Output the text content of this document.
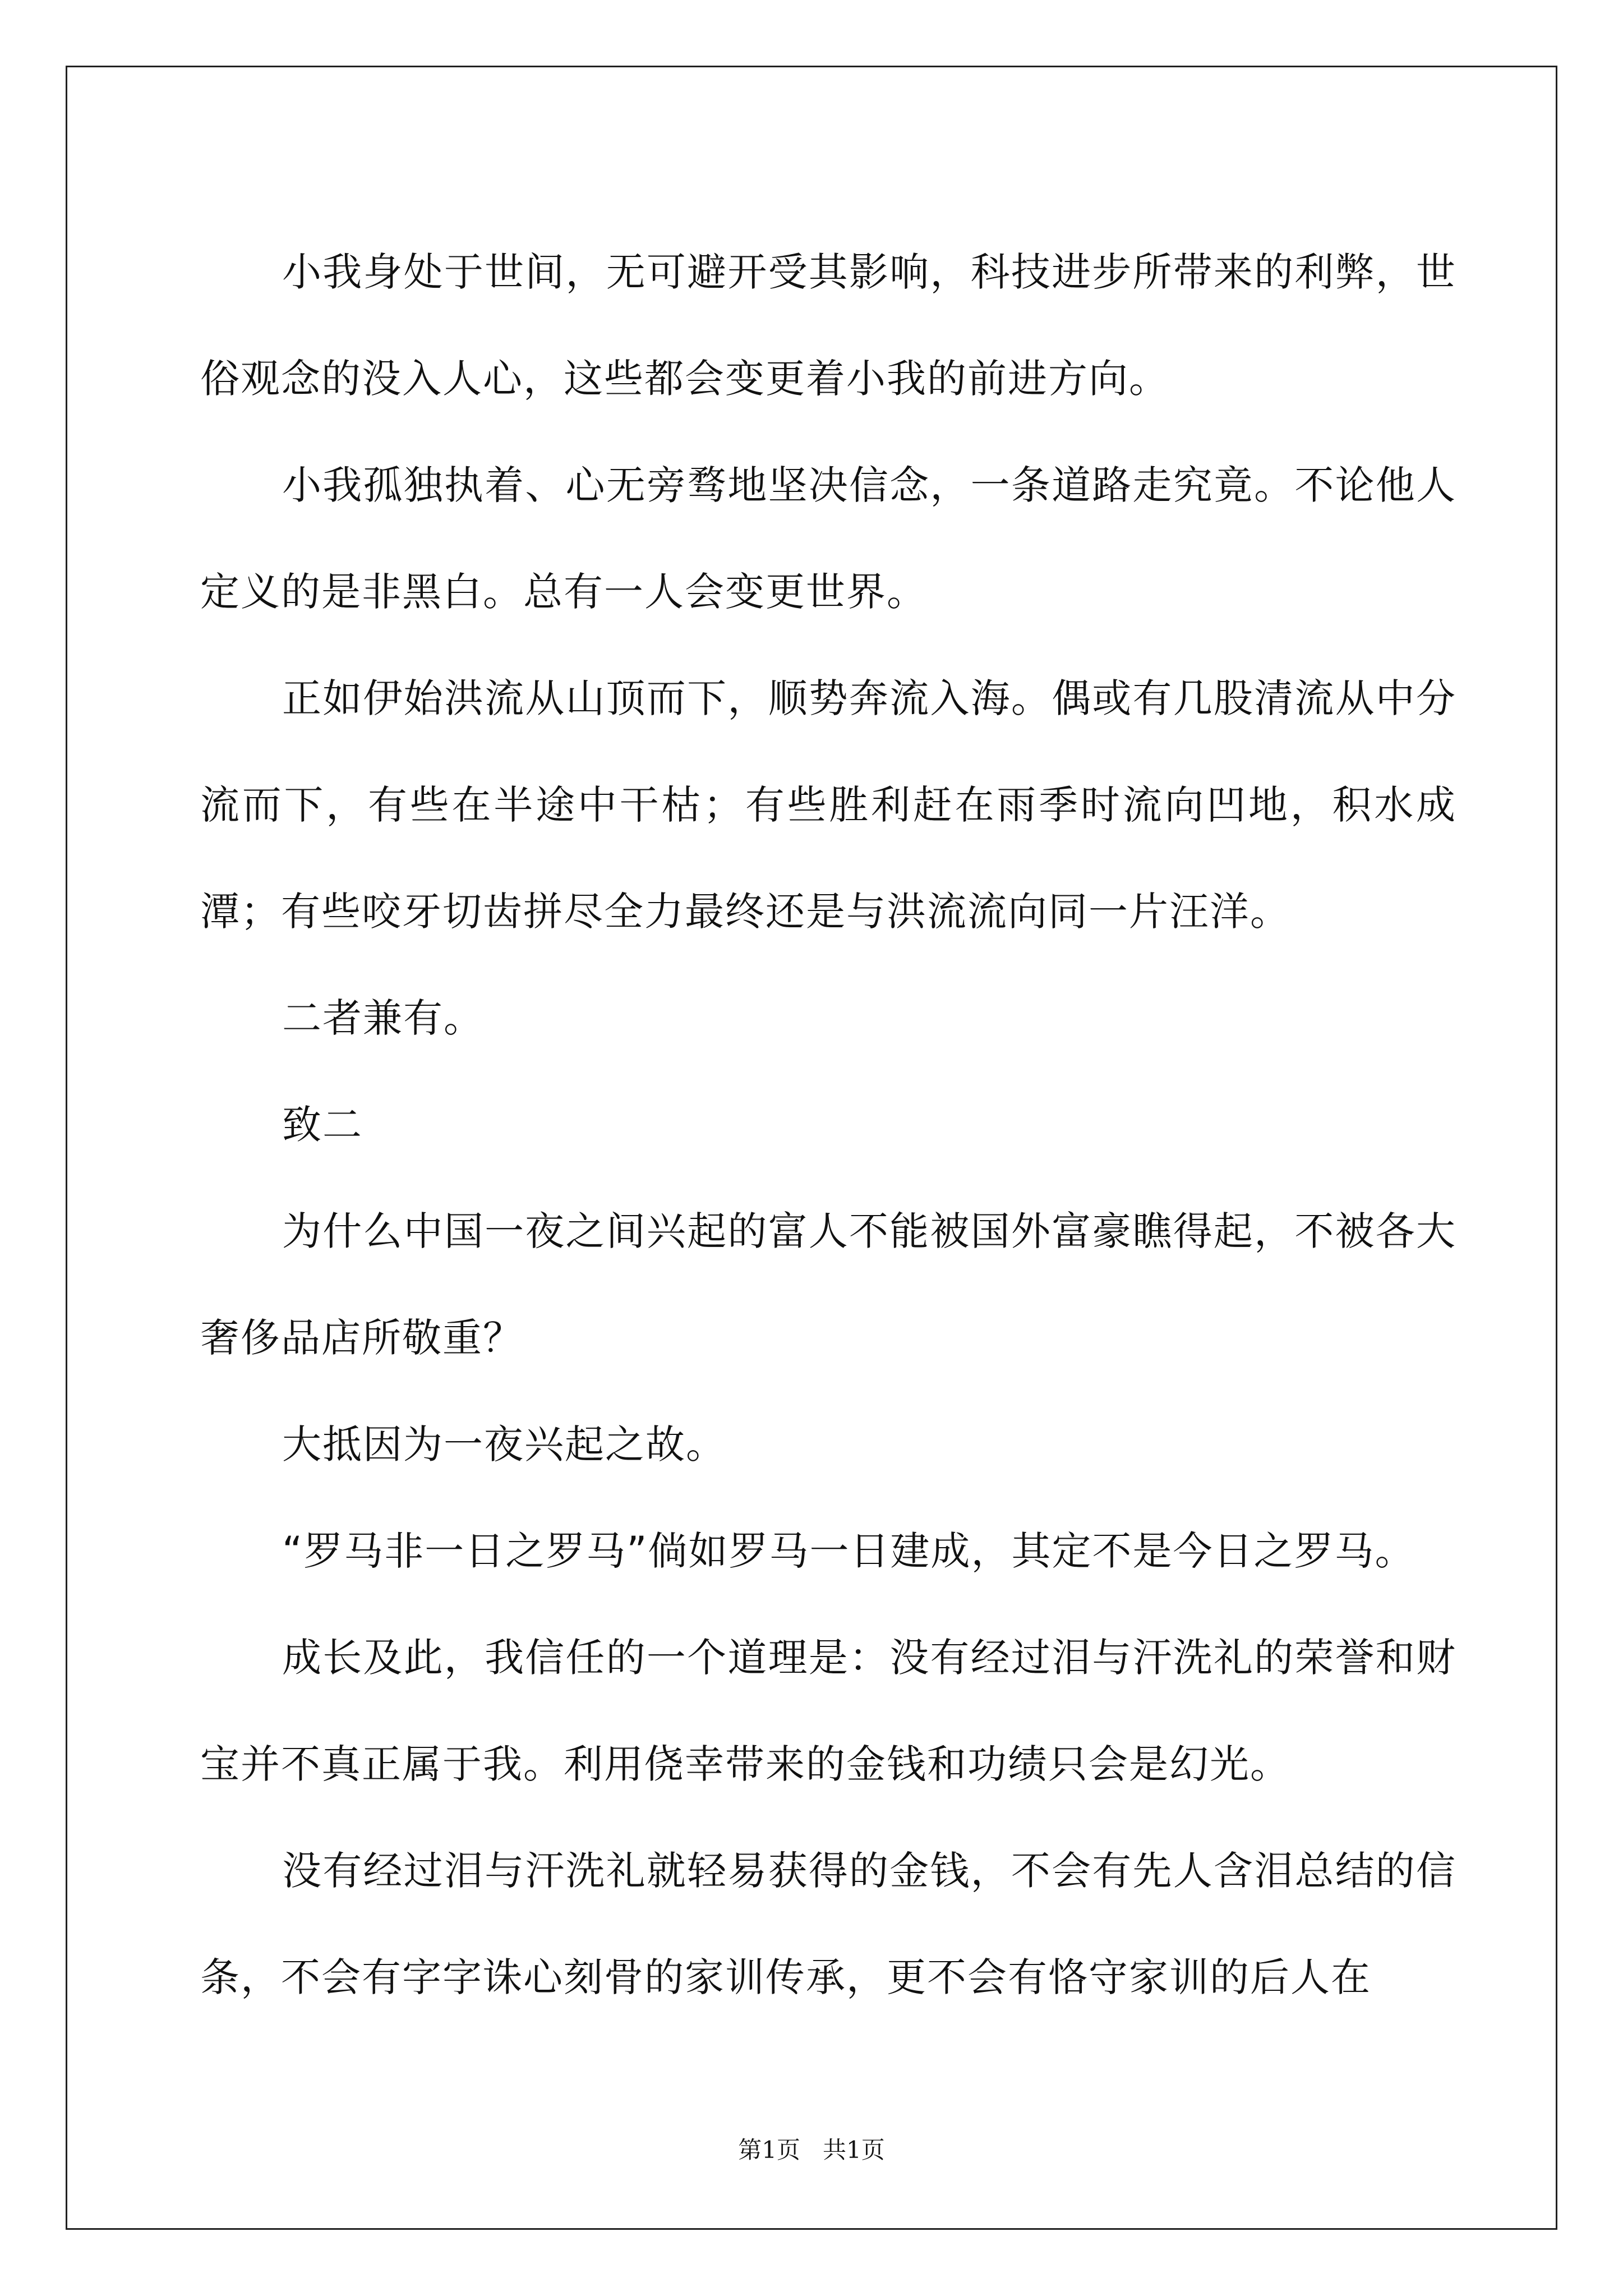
小我身处于世间，无可避开受其影响，科技进步所带来的利弊，世俗观念的没入人心，这些都会变更着小我的前进方向。

小我孤独执着、心无旁骛地坚决信念，一条道路走究竟。不论他人定义的是非黑白。总有一人会变更世界。

正如伊始洪流从山顶而下，顺势奔流入海。偶或有几股清流从中分流而下，有些在半途中干枯；有些胜利赶在雨季时流向凹地，积水成潭；有些咬牙切齿拼尽全力最终还是与洪流流向同一片汪洋。

二者兼有。

致二

为什么中国一夜之间兴起的富人不能被国外富豪瞧得起，不被各大奢侈品店所敬重？

大抵因为一夜兴起之故。

“罗马非一日之罗马”倘如罗马一日建成，其定不是今日之罗马。

成长及此，我信任的一个道理是：没有经过泪与汗洗礼的荣誉和财宝并不真正属于我。利用侥幸带来的金钱和功绩只会是幻光。

没有经过泪与汗洗礼就轻易获得的金钱，不会有先人含泪总结的信条，不会有字字诛心刻骨的家训传承，更不会有恪守家训的后人在

第1页   共1页
